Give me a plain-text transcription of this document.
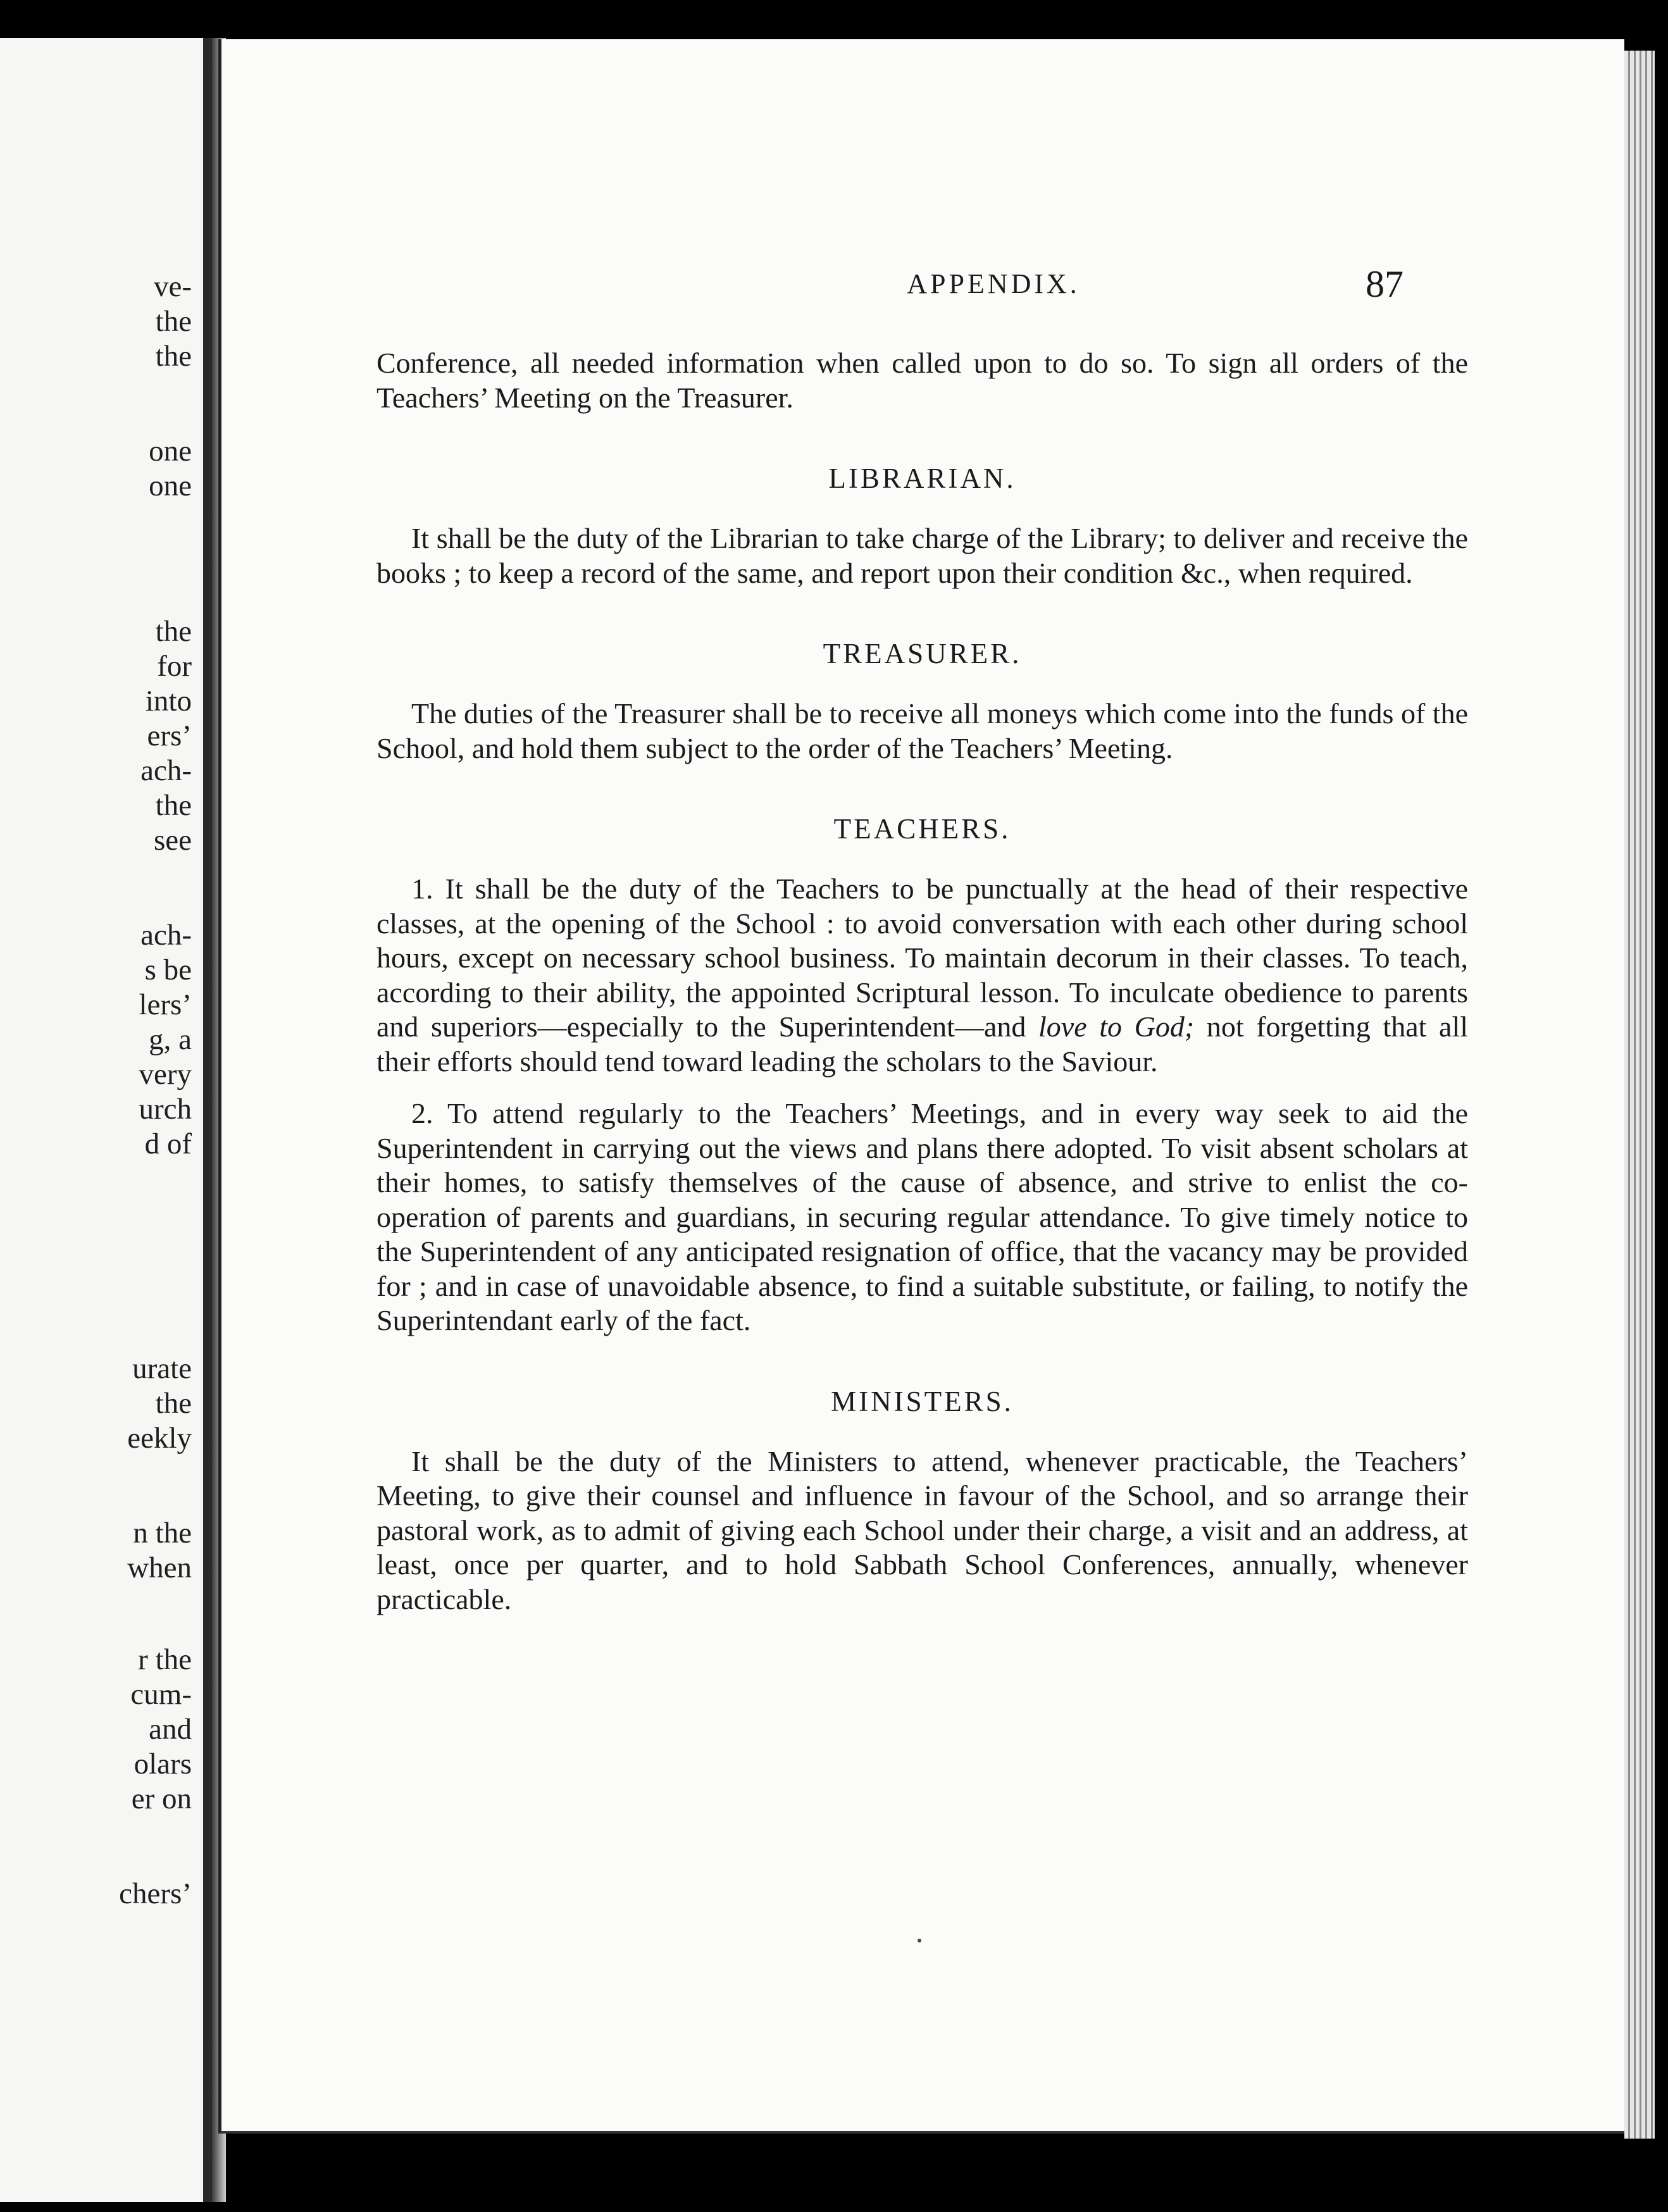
ve-
the
the
one
one
the
for
into
ers’
ach-
the
see
ach-
s be
lers’
g, a
very
urch
d of
urate
the
eekly
n the
when
r the
cum-
and
olars
er on
chers’
APPENDIX.	87

Conference, all needed information when called upon to do so. To sign all orders of the Teachers’ Meeting on the Treasurer.

LIBRARIAN.

It shall be the duty of the Librarian to take charge of the Library; to deliver and receive the books ; to keep a record of the same, and report upon their condition &c., when required.

TREASURER.

The duties of the Treasurer shall be to receive all moneys which come into the funds of the School, and hold them subject to the order of the Teachers’ Meeting.

TEACHERS.

1. It shall be the duty of the Teachers to be punctually at the head of their respective classes, at the opening of the School : to avoid conversation with each other during school hours, except on necessary school business. To maintain decorum in their classes. To teach, according to their ability, the appointed Scriptural lesson. To inculcate obedience to parents and superiors—especially to the Superintendent—and love to God; not forgetting that all their efforts should tend toward leading the scholars to the Saviour.

2. To attend regularly to the Teachers’ Meetings, and in every way seek to aid the Superintendent in carrying out the views and plans there adopted. To visit absent scholars at their homes, to satisfy themselves of the cause of absence, and strive to enlist the co-operation of parents and guardians, in securing regular attendance. To give timely notice to the Superintendent of any anticipated resignation of office, that the vacancy may be provided for ; and in case of unavoidable absence, to find a suitable substitute, or failing, to notify the Superintendant early of the fact.

MINISTERS.

It shall be the duty of the Ministers to attend, whenever practicable, the Teachers’ Meeting, to give their counsel and influence in favour of the School, and so arrange their pastoral work, as to admit of giving each School under their charge, a visit and an address, at least, once per quarter, and to hold Sabbath School Conferences, annually, whenever practicable.
